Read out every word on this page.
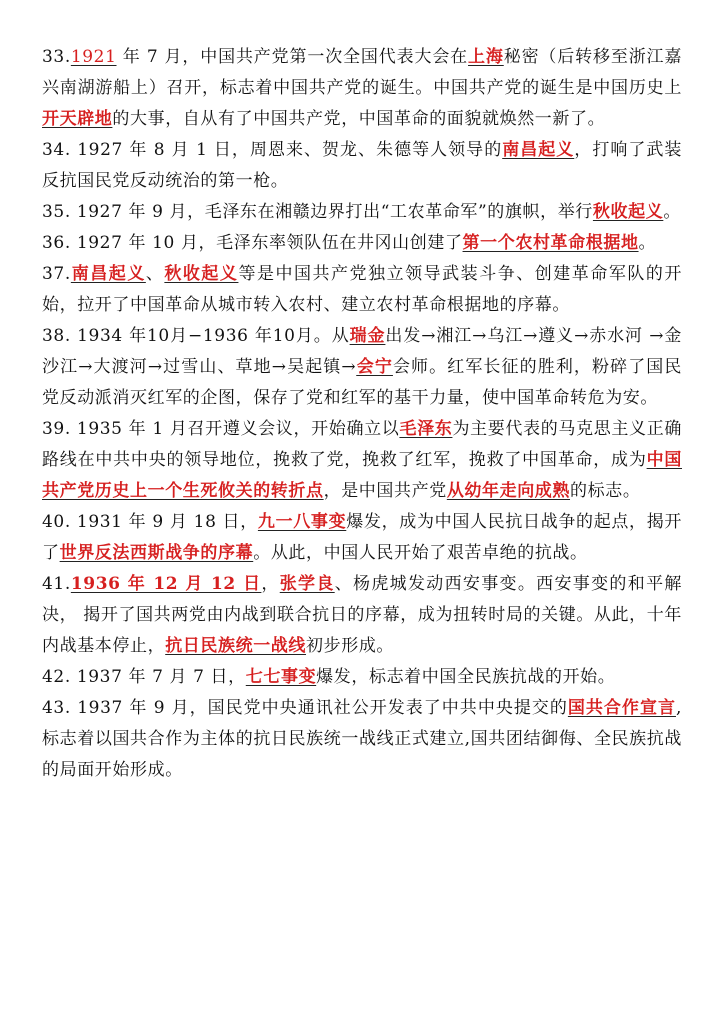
33.1921 年 7 月，中国共产党第一次全国代表大会在上海秘密（后转移至浙江嘉兴南湖游船上）召开，标志着中国共产党的诞生。中国共产党的诞生是中国历史上开天辟地的大事，自从有了中国共产党，中国革命的面貌就焕然一新了。

34. 1927 年 8 月 1 日，周恩来、贺龙、朱德等人领导的南昌起义，打响了武装反抗国民党反动统治的第一枪。

35. 1927 年 9 月，毛泽东在湘赣边界打出“工农革命军”的旗帜，举行秋收起义。

36. 1927 年 10 月，毛泽东率领队伍在井冈山创建了第一个农村革命根据地。

37.南昌起义、秋收起义等是中国共产党独立领导武装斗争、创建革命军队的开始，拉开了中国革命从城市转入农村、建立农村革命根据地的序幕。

38. 1934 年10月−1936 年10月。从瑞金出发→湘江→乌江→遵义→赤水河 →金沙江→大渡河→过雪山、草地→吴起镇→会宁会师。红军长征的胜利，粉碎了国民党反动派消灭红军的企图，保存了党和红军的基干力量，使中国革命转危为安。

39. 1935 年 1 月召开遵义会议，开始确立以毛泽东为主要代表的马克思主义正确路线在中共中央的领导地位，挽救了党，挽救了红军，挽救了中国革命，成为中国共产党历史上一个生死攸关的转折点，是中国共产党从幼年走向成熟的标志。

40. 1931 年 9 月 18 日，九一八事变爆发，成为中国人民抗日战争的起点，揭开了世界反法西斯战争的序幕。从此，中国人民开始了艰苦卓绝的抗战。

41.1936 年 12 月 12 日，张学良、杨虎城发动西安事变。西安事变的和平解决， 揭开了国共两党由内战到联合抗日的序幕，成为扭转时局的关键。从此，十年内战基本停止，抗日民族统一战线初步形成。

42. 1937 年 7 月 7 日，七七事变爆发，标志着中国全民族抗战的开始。

43. 1937 年 9 月，国民党中央通讯社公开发表了中共中央提交的国共合作宣言,标志着以国共合作为主体的抗日民族统一战线正式建立,国共团结御侮、全民族抗战的局面开始形成。
